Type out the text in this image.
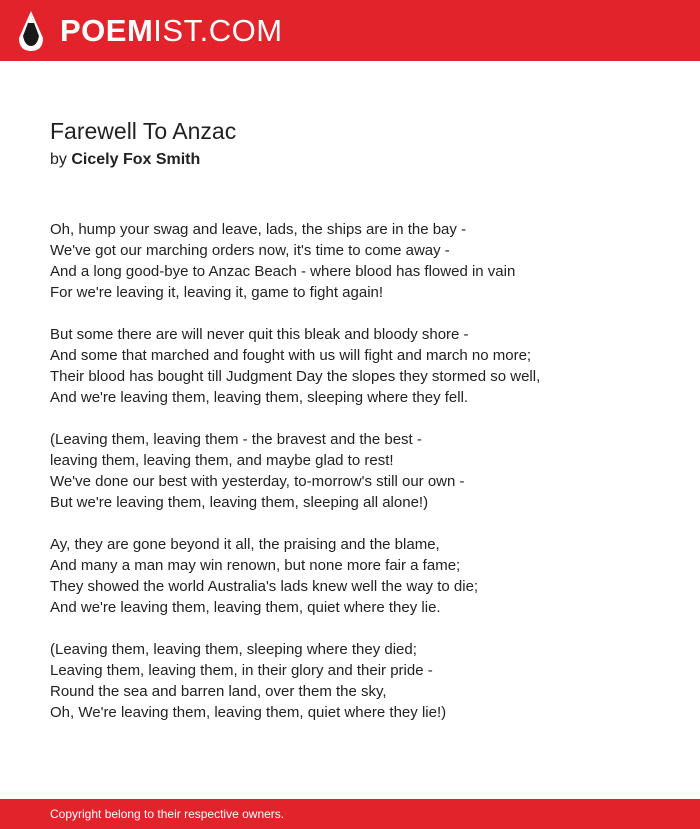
POEMIST.COM
Farewell To Anzac
by Cicely Fox Smith
Oh, hump your swag and leave, lads, the ships are in the bay -
We've got our marching orders now, it's time to come away -
And a long good-bye to Anzac Beach - where blood has flowed in vain
For we're leaving it, leaving it, game to fight again!
But some there are will never quit this bleak and bloody shore -
And some that marched and fought with us will fight and march no more;
Their blood has bought till Judgment Day the slopes they stormed so well,
And we're leaving them, leaving them, sleeping where they fell.
(Leaving them, leaving them - the bravest and the best -
leaving them, leaving them, and maybe glad to rest!
We've done our best with yesterday, to-morrow's still our own -
But we're leaving them, leaving them, sleeping all alone!)
Ay, they are gone beyond it all, the praising and the blame,
And many a man may win renown, but none more fair a fame;
They showed the world Australia's lads knew well the way to die;
And we're leaving them, leaving them, quiet where they lie.
(Leaving them, leaving them, sleeping where they died;
Leaving them, leaving them, in their glory and their pride -
Round the sea and barren land, over them the sky,
Oh, We're leaving them, leaving them, quiet where they lie!)
Copyright belong to their respective owners.
